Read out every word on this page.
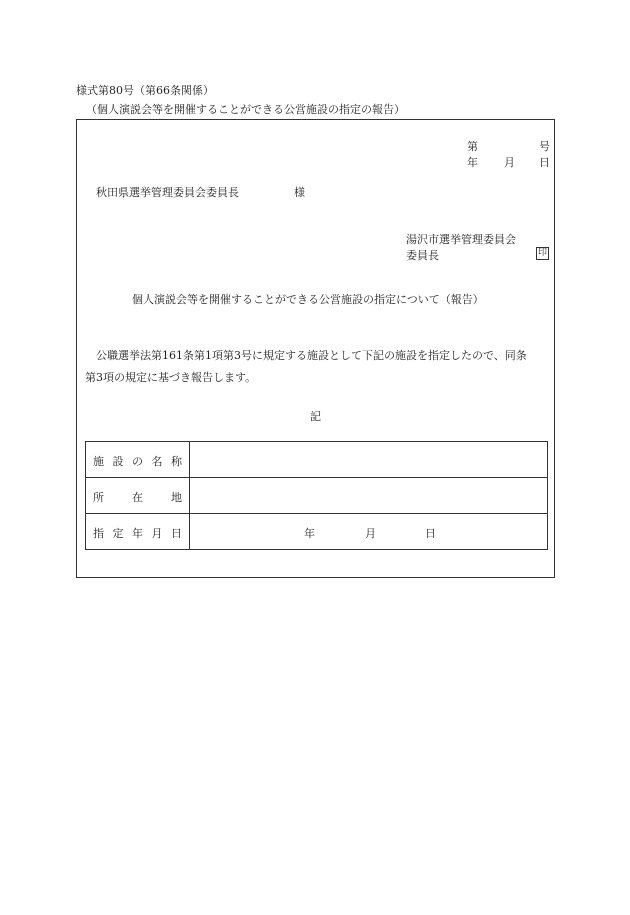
様式第80号（第66条関係）
（個人演説会等を開催することができる公営施設の指定の報告）
第	号
年 月 日
秋田県選挙管理委員会委員長	様
湯沢市選挙管理委員会
委員長	印
個人演説会等を開催することができる公営施設の指定について（報告）
公職選挙法第161条第1項第3号に規定する施設として下記の施設を指定したので、同条
第3項の規定に基づき報告します。
記
施 設 の 名 称	

所 在 地	

指 定 年 月 日	年 月 日
